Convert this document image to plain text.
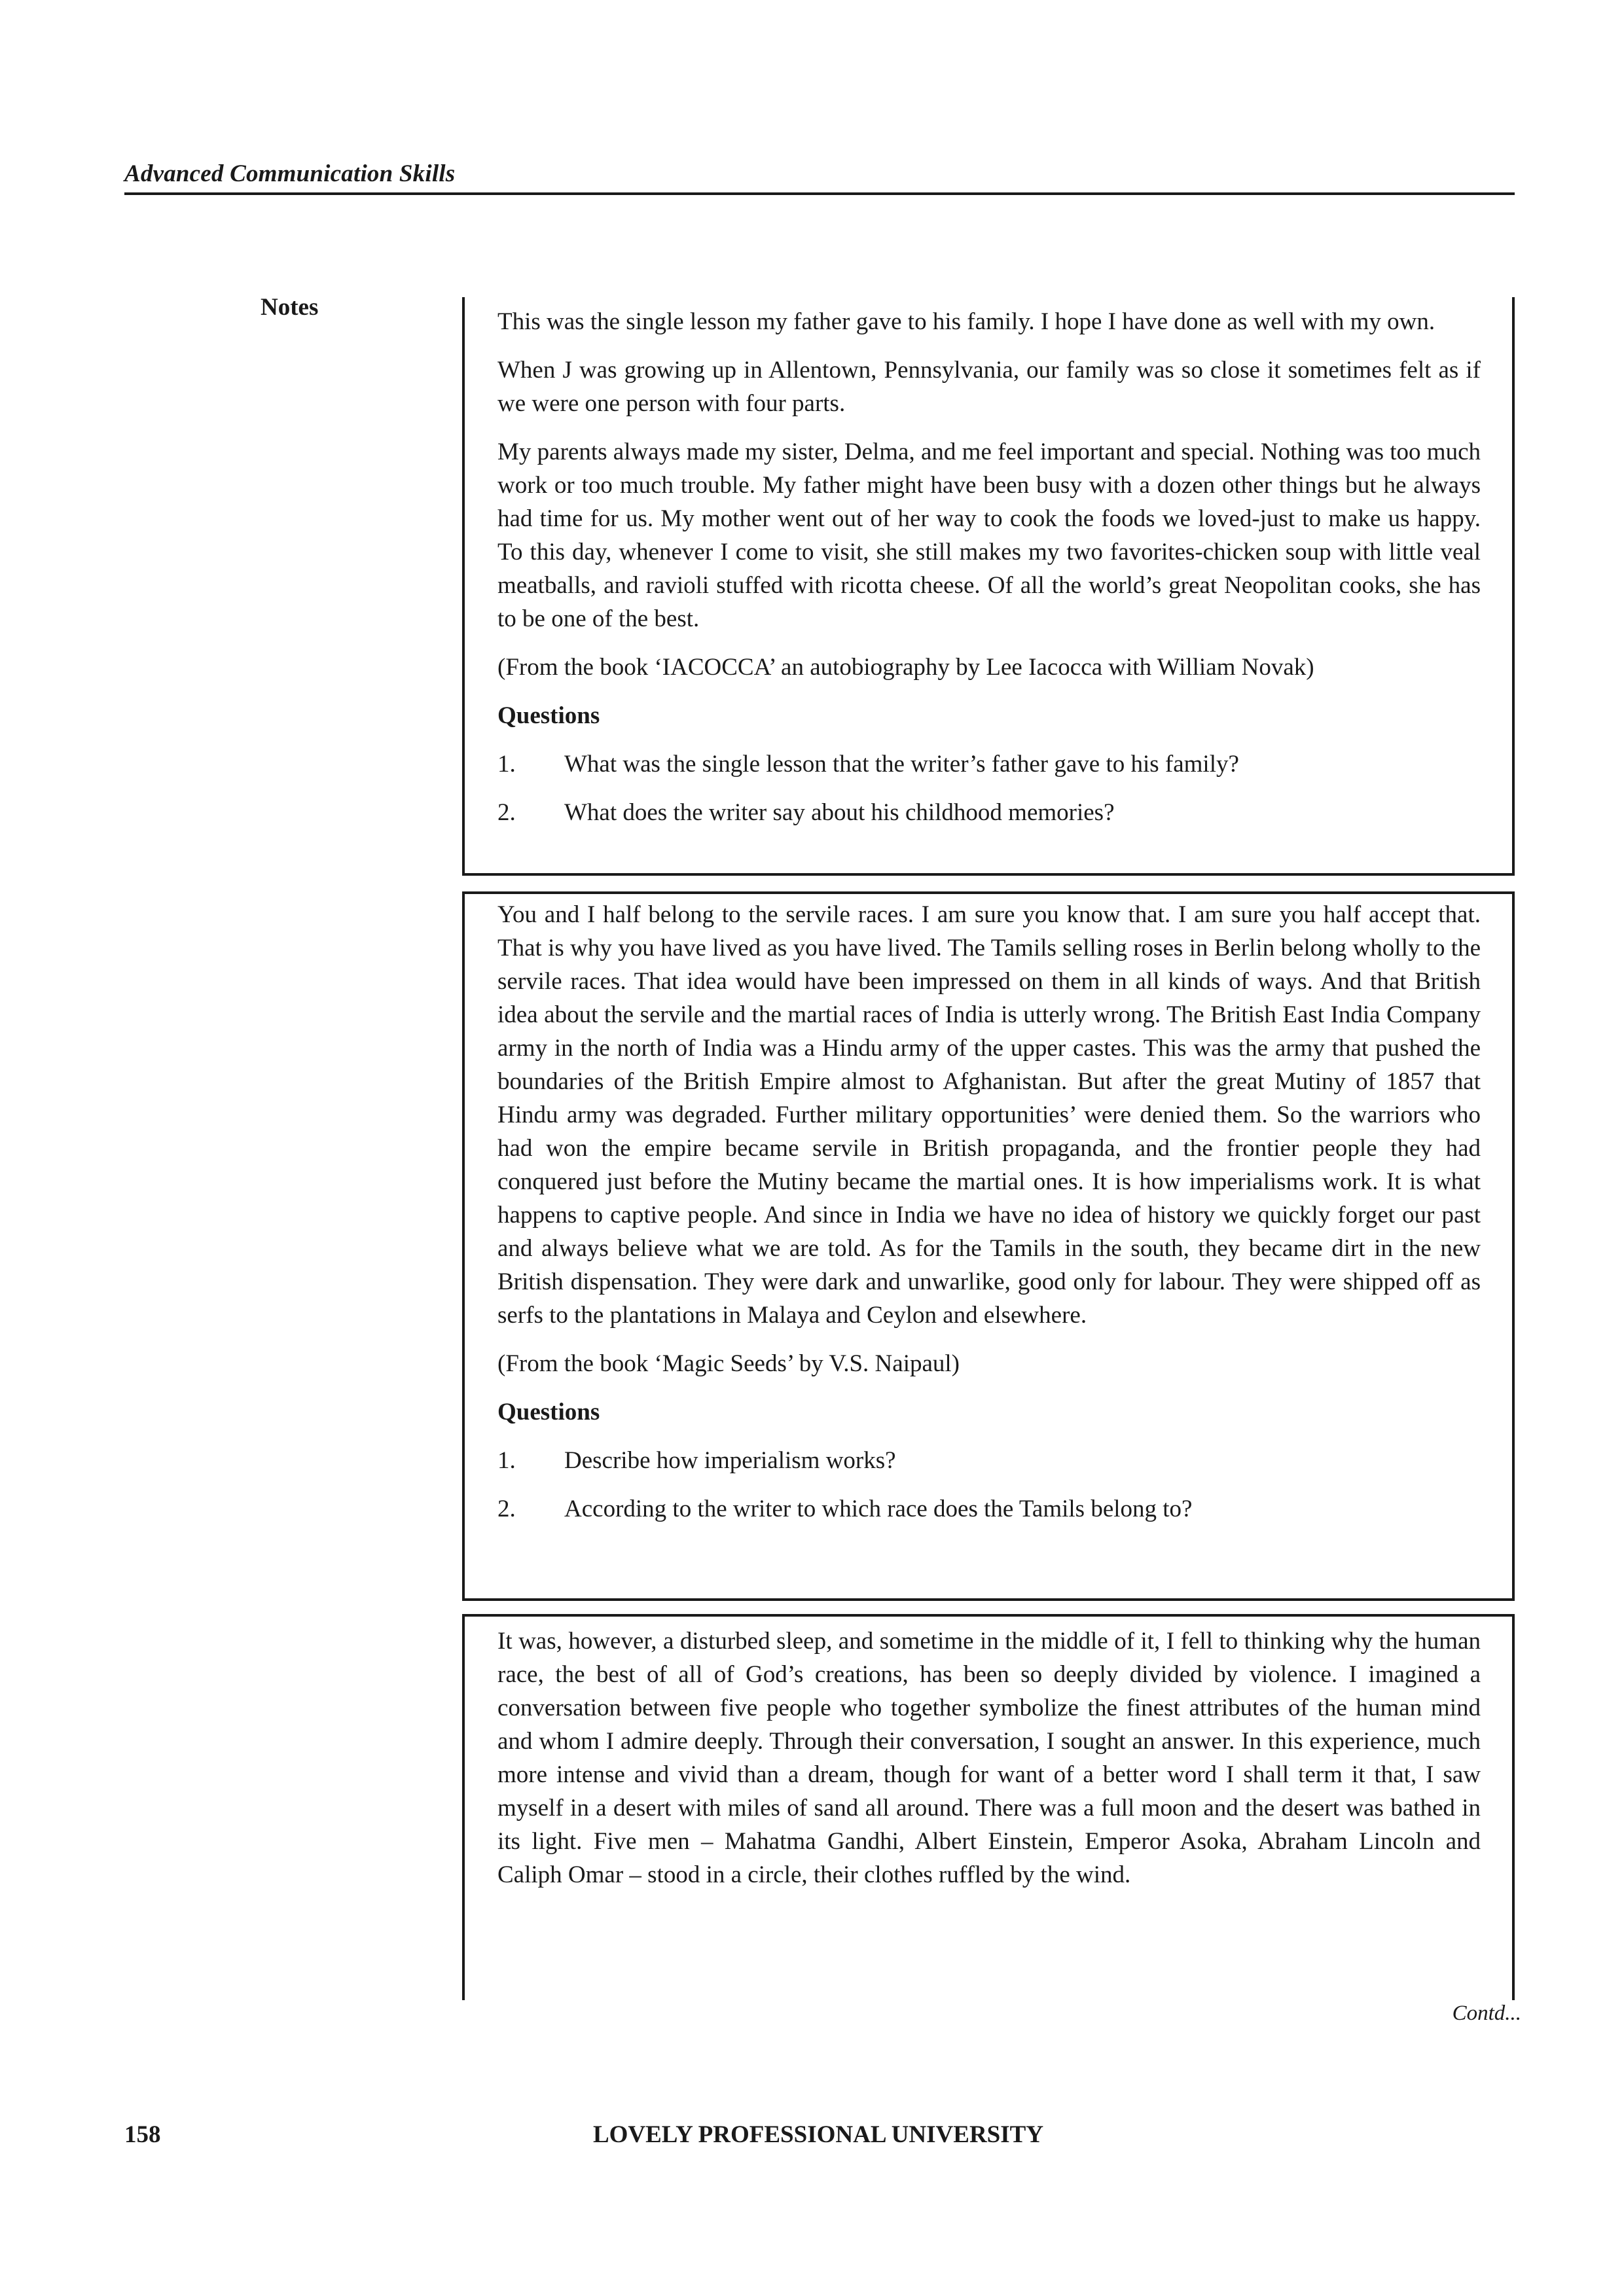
Advanced Communication Skills
Notes

This was the single lesson my father gave to his family. I hope I have done as well with my own.

When J was growing up in Allentown, Pennsylvania, our family was so close it sometimes felt as if we were one person with four parts.

My parents always made my sister, Delma, and me feel important and special. Nothing was too much work or too much trouble. My father might have been busy with a dozen other things but he always had time for us. My mother went out of her way to cook the foods we loved-just to make us happy. To this day, whenever I come to visit, she still makes my two favorites-chicken soup with little veal meatballs, and ravioli stuffed with ricotta cheese. Of all the world’s great Neopolitan cooks, she has to be one of the best.

(From the book ‘IACOCCA’ an autobiography by Lee Iacocca with William Novak)

Questions

1.	What was the single lesson that the writer’s father gave to his family?
2.	What does the writer say about his childhood memories?

You and I half belong to the servile races. I am sure you know that. I am sure you half accept that. That is why you have lived as you have lived. The Tamils selling roses in Berlin belong wholly to the servile races. That idea would have been impressed on them in all kinds of ways. And that British idea about the servile and the martial races of India is utterly wrong. The British East India Company army in the north of India was a Hindu army of the upper castes. This was the army that pushed the boundaries of the British Empire almost to Afghanistan. But after the great Mutiny of 1857 that Hindu army was degraded. Further military opportunities’ were denied them. So the warriors who had won the empire became servile in British propaganda, and the frontier people they had conquered just before the Mutiny became the martial ones. It is how imperialisms work. It is what happens to captive people. And since in India we have no idea of history we quickly forget our past and always believe what we are told. As for the Tamils in the south, they became dirt in the new British dispensation. They were dark and unwarlike, good only for labour. They were shipped off as serfs to the plantations in Malaya and Ceylon and elsewhere.

(From the book ‘Magic Seeds’ by V.S. Naipaul)

Questions

1.	Describe how imperialism works?
2.	According to the writer to which race does the Tamils belong to?

It was, however, a disturbed sleep, and sometime in the middle of it, I fell to thinking why the human race, the best of all of God’s creations, has been so deeply divided by violence. I imagined a conversation between five people who together symbolize the finest attributes of the human mind and whom I admire deeply. Through their conversation, I sought an answer. In this experience, much more intense and vivid than a dream, though for want of a better word I shall term it that, I saw myself in a desert with miles of sand all around. There was a full moon and the desert was bathed in its light. Five men – Mahatma Gandhi, Albert Einstein, Emperor Asoka, Abraham Lincoln and Caliph Omar – stood in a circle, their clothes ruffled by the wind.

Contd...
158	LOVELY PROFESSIONAL UNIVERSITY
